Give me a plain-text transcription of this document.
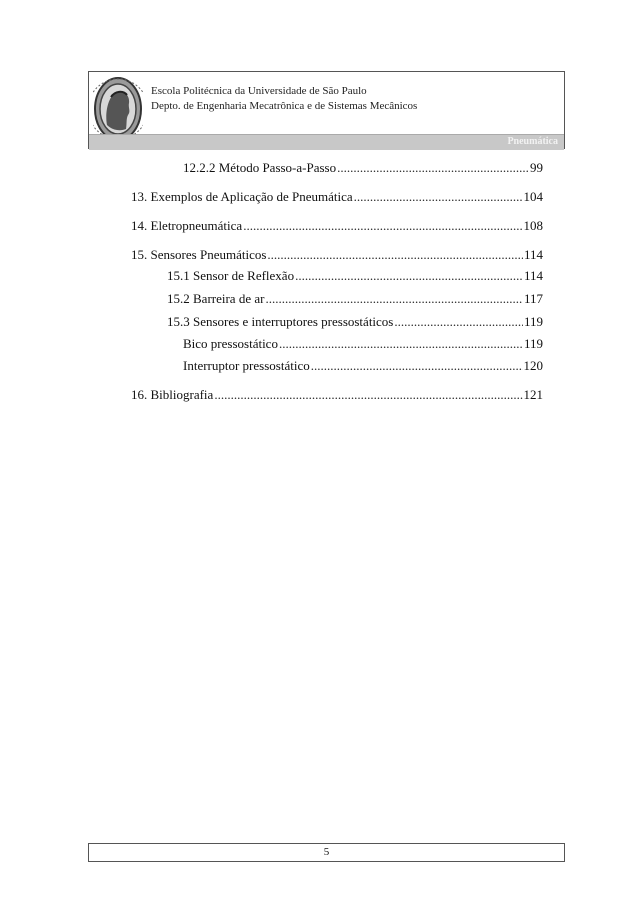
Escola Politécnica da Universidade de São Paulo
Depto. de Engenharia Mecatrônica e de Sistemas Mecânicos
Pneumática
12.2.2 Método Passo-a-Passo .....	99
13. Exemplos de Aplicação de Pneumática .....	104
14. Eletropneumática .....	108
15. Sensores Pneumáticos .....	114
15.1 Sensor de Reflexão .....	114
15.2 Barreira de ar .....	117
15.3 Sensores e interruptores pressostáticos .....	119
Bico pressostático .....	119
Interruptor pressostático .....	120
16. Bibliografia .....	121
5
